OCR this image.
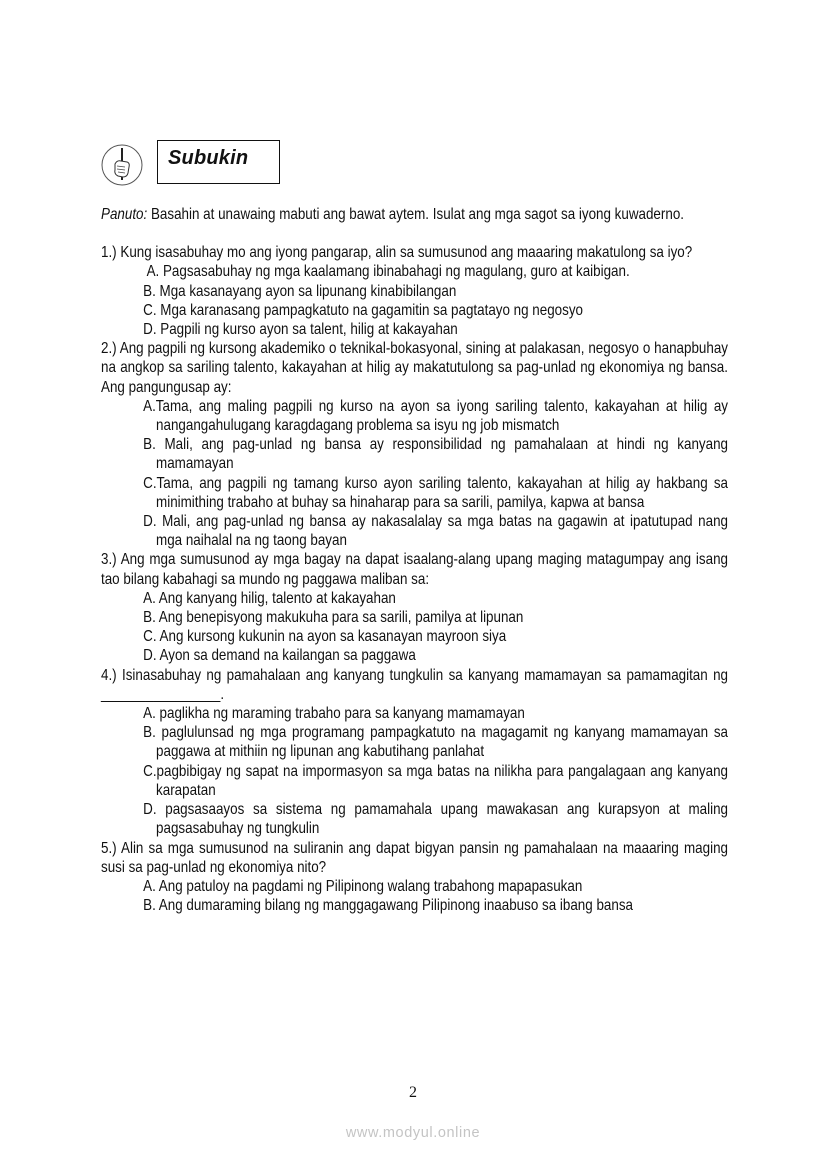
Subukin

Panuto: Basahin at unawaing mabuti ang bawat aytem. Isulat ang mga sagot sa iyong kuwaderno.

1.) Kung isasabuhay mo ang iyong pangarap, alin sa sumusunod ang maaaring makatulong sa iyo?

A. Pagsasabuhay ng mga kaalamang ibinabahagi ng magulang, guro at kaibigan.

B. Mga kasanayang ayon sa lipunang kinabibilangan

C. Mga karanasang pampagkatuto na gagamitin sa pagtatayo ng negosyo

D. Pagpili ng kurso ayon sa talent, hilig at kakayahan

2.) Ang pagpili ng kursong akademiko o teknikal-bokasyonal, sining at palakasan, negosyo o hanapbuhay na angkop sa sariling talento, kakayahan at hilig ay makatutulong sa pag-unlad ng ekonomiya ng bansa. Ang pangungusap ay:

A.Tama, ang maling pagpili ng kurso na ayon sa iyong sariling talento, kakayahan at hilig ay nangangahulugang karagdagang problema sa isyu ng job mismatch

B. Mali, ang pag-unlad ng bansa ay responsibilidad ng pamahalaan at hindi ng kanyang mamamayan

C.Tama, ang pagpili ng tamang kurso ayon sariling talento, kakayahan at hilig ay hakbang sa minimithing trabaho at buhay sa hinaharap para sa sarili, pamilya, kapwa at bansa

D. Mali, ang pag-unlad ng bansa ay nakasalalay sa mga batas na gagawin at ipatutupad nang mga naihalal na ng taong bayan

3.) Ang mga sumusunod ay mga bagay na dapat isaalang-alang upang maging matagumpay ang isang tao bilang kabahagi sa mundo ng paggawa maliban sa:

A. Ang kanyang hilig, talento at kakayahan

B. Ang benepisyong makukuha para sa sarili, pamilya at lipunan

C. Ang kursong kukunin na ayon sa kasanayan mayroon siya

D. Ayon sa demand na kailangan sa paggawa

4.) Isinasabuhay ng pamahalaan ang kanyang tungkulin sa kanyang mamamayan sa pamamagitan ng ________________.

A. paglikha ng maraming trabaho para sa kanyang mamamayan

B. paglulunsad ng mga programang pampagkatuto na magagamit ng kanyang mamamayan sa paggawa at mithiin ng lipunan ang kabutihang panlahat

C.pagbibigay ng sapat na impormasyon sa mga batas na nilikha para pangalagaan ang kanyang karapatan

D. pagsasaayos sa sistema ng pamamahala upang mawakasan ang kurapsyon at maling pagsasabuhay ng tungkulin

5.) Alin sa mga sumusunod na suliranin ang dapat bigyan pansin ng pamahalaan na maaaring maging susi sa pag-unlad ng ekonomiya nito?

A. Ang patuloy na pagdami ng Pilipinong walang trabahong mapapasukan

B. Ang dumaraming bilang ng manggagawang Pilipinong inaabuso sa ibang bansa

2
www.modyul.online
